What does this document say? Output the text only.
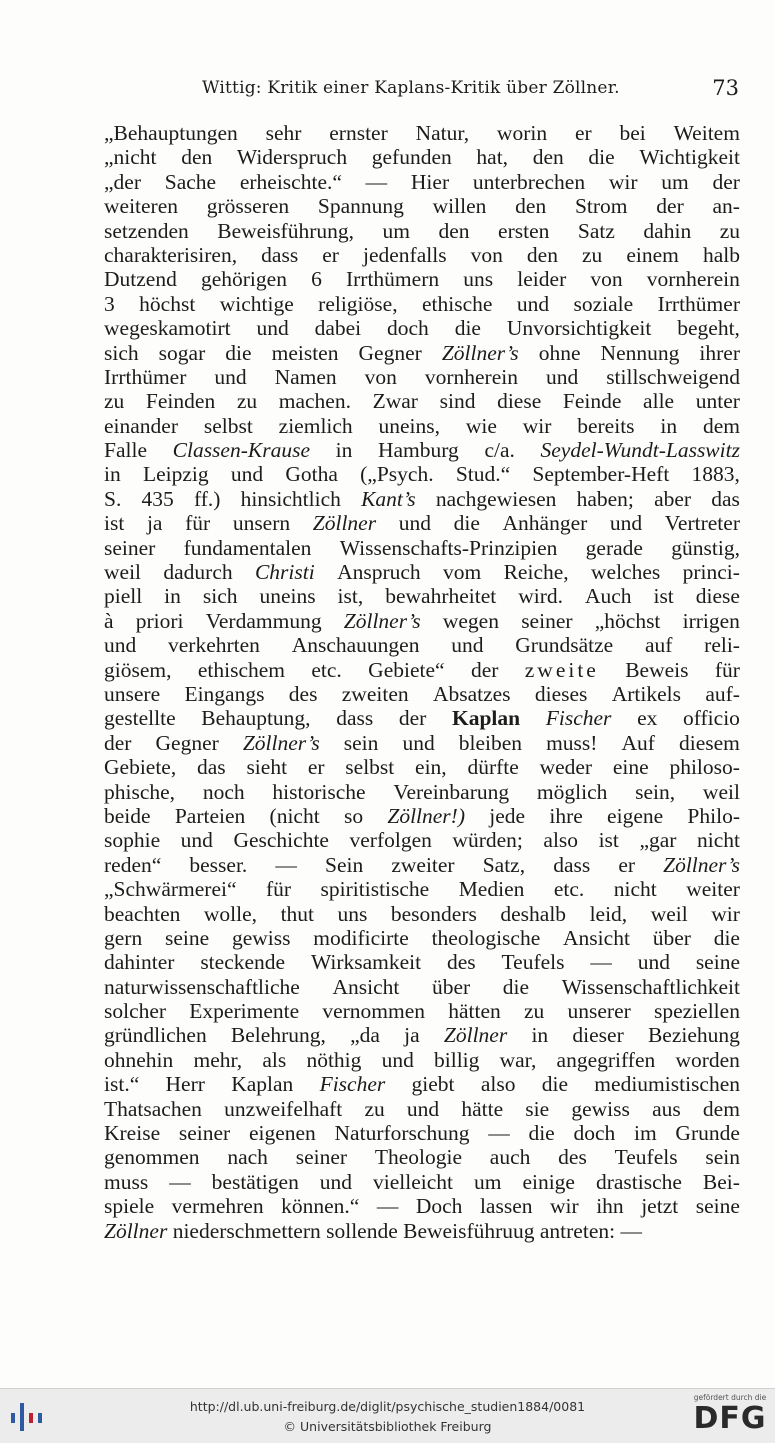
Wittig: Kritik einer Kaplans-Kritik über Zöllner.	73
„Behauptungen sehr ernster Natur, worin er bei Weitem
„nicht den Widerspruch gefunden hat, den die Wichtigkeit
„der Sache erheischte.“ — Hier unterbrechen wir um der
weiteren grösseren Spannung willen den Strom der an-
setzenden Beweisführung, um den ersten Satz dahin zu
charakterisiren, dass er jedenfalls von den zu einem halb
Dutzend gehörigen 6 Irrthümern uns leider von vornherein
3 höchst wichtige religiöse, ethische und soziale Irrthümer
wegeskamotirt und dabei doch die Unvorsichtigkeit begeht,
sich sogar die meisten Gegner Zöllner’s ohne Nennung ihrer
Irrthümer und Namen von vornherein und stillschweigend
zu Feinden zu machen. Zwar sind diese Feinde alle unter
einander selbst ziemlich uneins, wie wir bereits in dem
Falle Classen-Krause in Hamburg c/a. Seydel-Wundt-Lasswitz
in Leipzig und Gotha („Psych. Stud.“ September-Heft 1883,
S. 435 ff.) hinsichtlich Kant’s nachgewiesen haben; aber das
ist ja für unsern Zöllner und die Anhänger und Vertreter
seiner fundamentalen Wissenschafts-Prinzipien gerade günstig,
weil dadurch Christi Anspruch vom Reiche, welches princi-
piell in sich uneins ist, bewahrheitet wird. Auch ist diese
à priori Verdammung Zöllner’s wegen seiner „höchst irrigen
und verkehrten Anschauungen und Grundsätze auf reli-
giösem, ethischem etc. Gebiete“ der zweite Beweis für
unsere Eingangs des zweiten Absatzes dieses Artikels auf-
gestellte Behauptung, dass der Kaplan Fischer ex officio
der Gegner Zöllner’s sein und bleiben muss! Auf diesem
Gebiete, das sieht er selbst ein, dürfte weder eine philoso-
phische, noch historische Vereinbarung möglich sein, weil
beide Parteien (nicht so Zöllner!) jede ihre eigene Philo-
sophie und Geschichte verfolgen würden; also ist „gar nicht
reden“ besser. — Sein zweiter Satz, dass er Zöllner’s
„Schwärmerei“ für spiritistische Medien etc. nicht weiter
beachten wolle, thut uns besonders deshalb leid, weil wir
gern seine gewiss modificirte theologische Ansicht über die
dahinter steckende Wirksamkeit des Teufels — und seine
naturwissenschaftliche Ansicht über die Wissenschaftlichkeit
solcher Experimente vernommen hätten zu unserer speziellen
gründlichen Belehrung, „da ja Zöllner in dieser Beziehung
ohnehin mehr, als nöthig und billig war, angegriffen worden
ist.“ Herr Kaplan Fischer giebt also die mediumistischen
Thatsachen unzweifelhaft zu und hätte sie gewiss aus dem
Kreise seiner eigenen Naturforschung — die doch im Grunde
genommen nach seiner Theologie auch des Teufels sein
muss — bestätigen und vielleicht um einige drastische Bei-
spiele vermehren können.“ — Doch lassen wir ihn jetzt seine
Zöllner niederschmettern sollende Beweisführuug antreten: —
http://dl.ub.uni-freiburg.de/diglit/psychische_studien1884/0081
© Universitätsbibliothek Freiburg
gefördert durch die
DFG
